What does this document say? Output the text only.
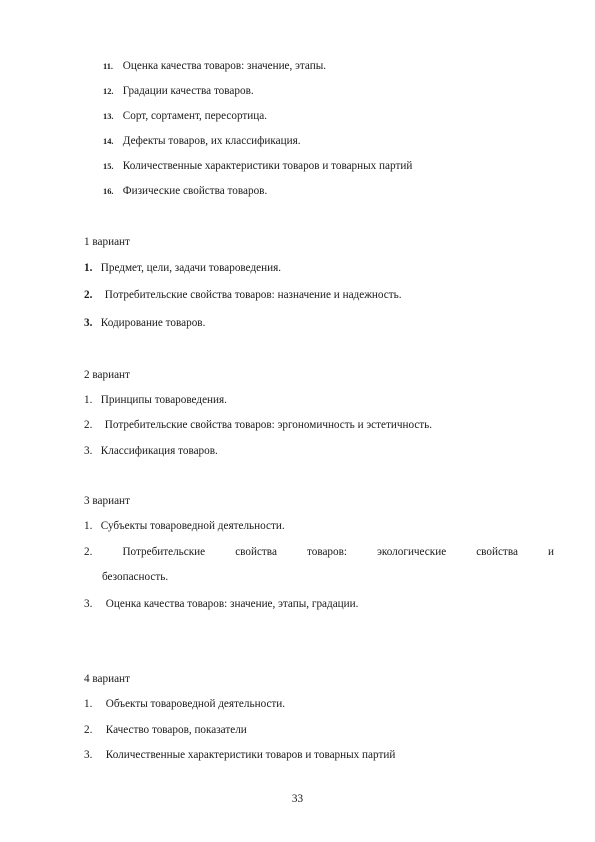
11. Оценка качества товаров: значение, этапы.
12. Градации качества товаров.
13. Сорт, сортамент, пересортица.
14. Дефекты товаров, их классификация.
15. Количественные характеристики товаров и товарных партий
16. Физические свойства товаров.
1 вариант
1. Предмет, цели, задачи товароведения.
2. Потребительские свойства товаров: назначение и надежность.
3. Кодирование товаров.
2 вариант
1. Принципы товароведения.
2. Потребительские свойства товаров: эргономичность и эстетичность.
3. Классификация товаров.
3 вариант
1. Субъекты товароведной деятельности.
2.	Потребительские	свойства	товаров:	экологические	свойства	и
безопасность.
3. Оценка качества товаров: значение, этапы, градации.
4 вариант
1. Объекты товароведной деятельности.
2. Качество товаров, показатели
3. Количественные характеристики товаров и товарных партий
33
